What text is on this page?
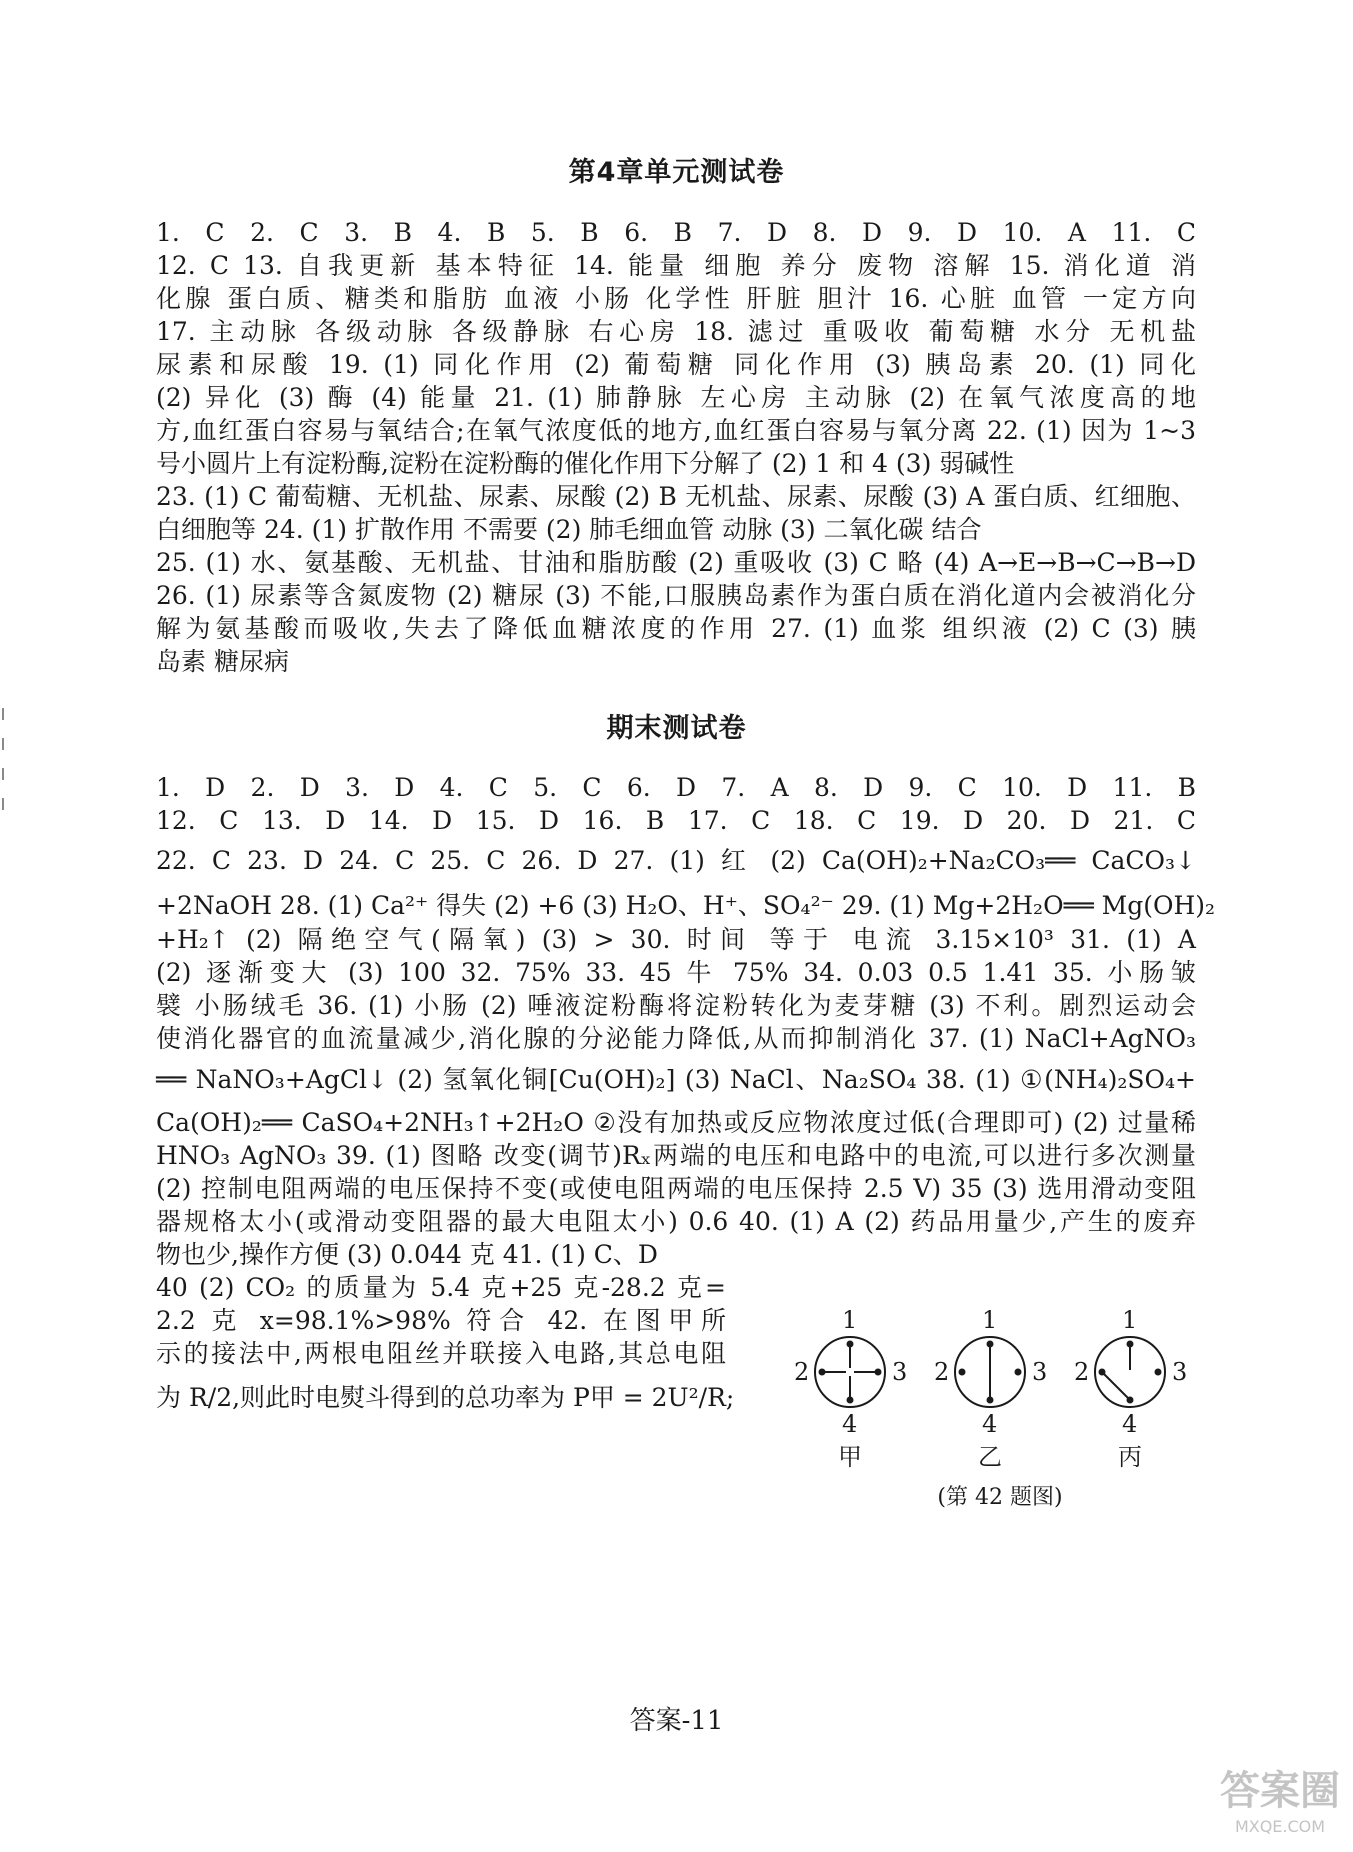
第4章单元测试卷

1. C 2. C 3. B 4. B 5. B 6. B 7. D 8. D 9. D 10. A 11. C

12. C 13. 自我更新 基本特征 14. 能量 细胞 养分 废物 溶解 15. 消化道 消

化腺 蛋白质、糖类和脂肪 血液 小肠 化学性 肝脏 胆汁 16. 心脏 血管 一定方向

17. 主动脉 各级动脉 各级静脉 右心房 18. 滤过 重吸收 葡萄糖 水分 无机盐

尿素和尿酸 19. (1) 同化作用 (2) 葡萄糖 同化作用 (3) 胰岛素 20. (1) 同化

(2) 异化 (3) 酶 (4) 能量 21. (1) 肺静脉 左心房 主动脉 (2) 在氧气浓度高的地

方,血红蛋白容易与氧结合;在氧气浓度低的地方,血红蛋白容易与氧分离 22. (1) 因为 1~3

号小圆片上有淀粉酶,淀粉在淀粉酶的催化作用下分解了 (2) 1 和 4 (3) 弱碱性

23. (1) C 葡萄糖、无机盐、尿素、尿酸 (2) B 无机盐、尿素、尿酸 (3) A 蛋白质、红细胞、

白细胞等 24. (1) 扩散作用 不需要 (2) 肺毛细血管 动脉 (3) 二氧化碳 结合

25. (1) 水、氨基酸、无机盐、甘油和脂肪酸 (2) 重吸收 (3) C 略 (4) A→E→B→C→B→D

26. (1) 尿素等含氮废物 (2) 糖尿 (3) 不能,口服胰岛素作为蛋白质在消化道内会被消化分

解为氨基酸而吸收,失去了降低血糖浓度的作用 27. (1) 血浆 组织液 (2) C (3) 胰

岛素 糖尿病

期末测试卷

1. D 2. D 3. D 4. C 5. C 6. D 7. A 8. D 9. C 10. D 11. B

12. C 13. D 14. D 15. D 16. B 17. C 18. C 19. D 20. D 21. C

22. C 23. D 24. C 25. C 26. D 27. (1) 红 (2) Ca(OH)₂+Na₂CO₃══ CaCO₃↓

+2NaOH 28. (1) Ca²⁺ 得失 (2) +6 (3) H₂O、H⁺、SO₄²⁻ 29. (1) Mg+2H₂O══ Mg(OH)₂

+H₂↑ (2) 隔绝空气(隔氧) (3) > 30. 时间 等于 电流 3.15×10³ 31. (1) A

(2) 逐渐变大 (3) 100 32. 75% 33. 45 牛 75% 34. 0.03 0.5 1.41 35. 小肠皱

襞 小肠绒毛 36. (1) 小肠 (2) 唾液淀粉酶将淀粉转化为麦芽糖 (3) 不利。剧烈运动会

使消化器官的血流量减少,消化腺的分泌能力降低,从而抑制消化 37. (1) NaCl+AgNO₃

══ NaNO₃+AgCl↓ (2) 氢氧化铜[Cu(OH)₂] (3) NaCl、Na₂SO₄ 38. (1) ①(NH₄)₂SO₄+

Ca(OH)₂══ CaSO₄+2NH₃↑+2H₂O ②没有加热或反应物浓度过低(合理即可) (2) 过量稀

HNO₃ AgNO₃ 39. (1) 图略 改变(调节)Rₓ两端的电压和电路中的电流,可以进行多次测量

(2) 控制电阻两端的电压保持不变(或使电阻两端的电压保持 2.5 V) 35 (3) 选用滑动变阻

器规格太小(或滑动变阻器的最大电阻太小) 0.6 40. (1) A (2) 药品用量少,产生的废弃

物也少,操作方便 (3) 0.044 克 41. (1) C、D

40 (2) CO₂ 的质量为 5.4 克+25 克-28.2 克=

2.2 克 x=98.1%>98% 符合 42. 在图甲所

示的接法中,两根电阻丝并联接入电路,其总电阻

为 R/2,则此时电熨斗得到的总功率为 P甲 = 2U²/R;

1
2	3
4
甲
1
2	3
4
乙
1
2	3
4
丙
(第 42 题图)
答案-11
答案圈
MXQE.COM
